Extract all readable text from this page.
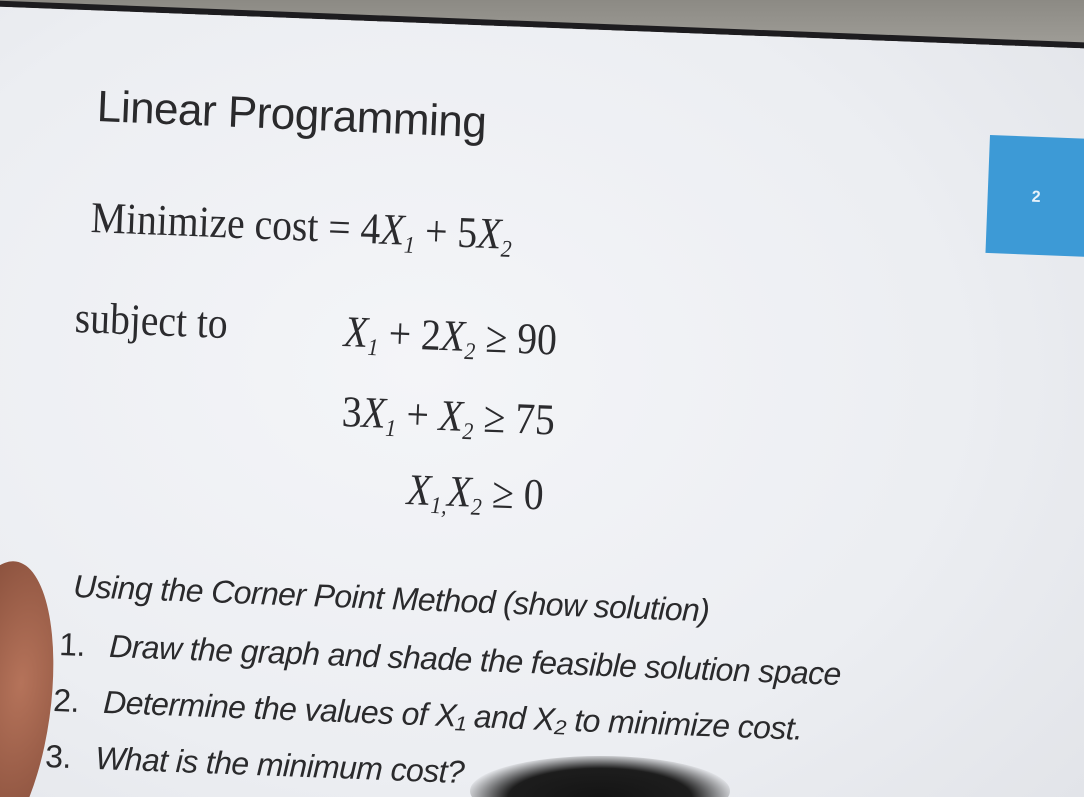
Linear Programming
2
Minimize $\cos t = 4X_1 + 5X_2$
subject to	$X_1 + 2X_2 \ge 90$
$3X_1 + X_2 \ge 75$
$X_{1,}X_2 \ge 0$
Using the Corner Point Method (show solution)
1. Draw the graph and shade the feasible solution space
2. Determine the values of X₁ and X₂ to minimize cost.
3. What is the minimum cost?
